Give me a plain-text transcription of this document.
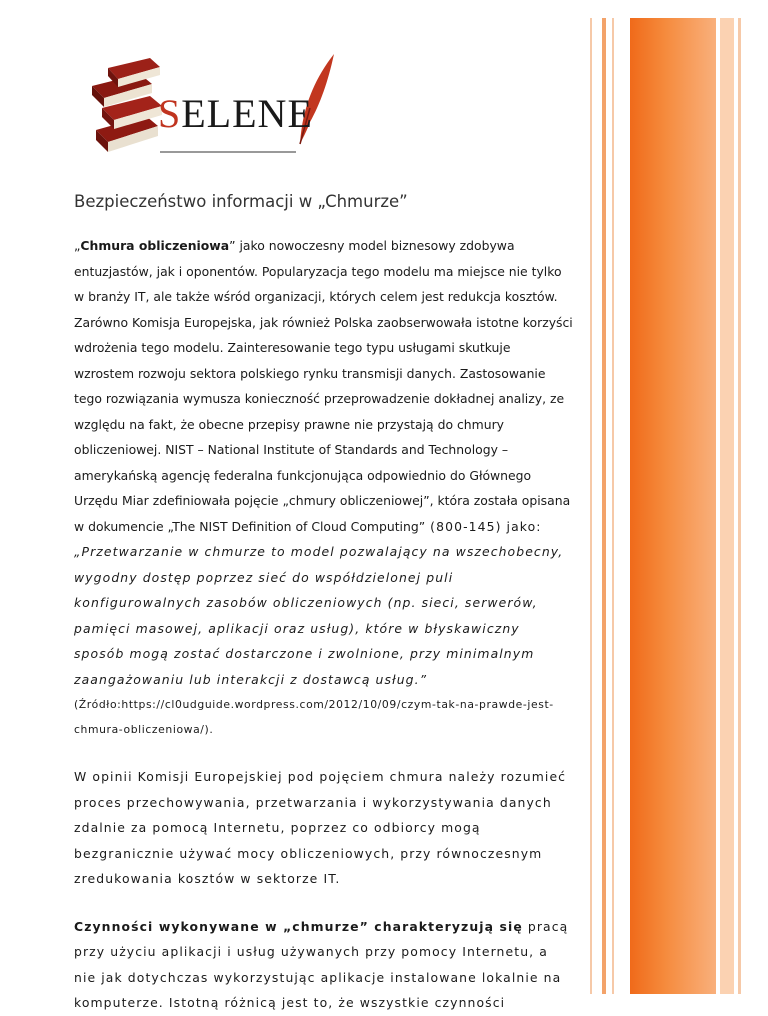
SELENE
Bezpieczeństwo informacji w „Chmurze”

„Chmura obliczeniowa” jako nowoczesny model biznesowy zdobywa entuzjastów, jak i oponentów. Popularyzacja tego modelu ma miejsce nie tylko w branży IT, ale także wśród organizacji, których celem jest redukcja kosztów. Zarówno Komisja Europejska, jak również Polska zaobserwowała istotne korzyści wdrożenia tego modelu. Zainteresowanie tego typu usługami skutkuje wzrostem rozwoju sektora polskiego rynku transmisji danych. Zastosowanie tego rozwiązania wymusza konieczność przeprowadzenie dokładnej analizy, ze względu na fakt, że obecne przepisy prawne nie przystają do chmury obliczeniowej. NIST – National Institute of Standards and Technology – amerykańską agencję federalna funkcjonująca odpowiednio do Głównego Urzędu Miar zdefiniowała pojęcie „chmury obliczeniowej”, która została opisana w dokumencie „The NIST Definition of Cloud Computing” (800-145) jako:

„Przetwarzanie w chmurze to model pozwalający na wszechobecny, wygodny dostęp poprzez sieć do współdzielonej puli konfigurowalnych zasobów obliczeniowych (np. sieci, serwerów, pamięci masowej, aplikacji oraz usług), które w błyskawiczny sposób mogą zostać dostarczone i zwolnione, przy minimalnym zaangażowaniu lub interakcji z dostawcą usług.”

(Źródło:https://cl0udguide.wordpress.com/2012/10/09/czym-tak-na-prawde-jest-chmura-obliczeniowa/).

W opinii Komisji Europejskiej pod pojęciem chmura należy rozumieć proces przechowywania, przetwarzania i wykorzystywania danych zdalnie za pomocą Internetu, poprzez co odbiorcy mogą bezgranicznie używać mocy obliczeniowych, przy równoczesnym zredukowania kosztów w sektorze IT.

Czynności wykonywane w „chmurze” charakteryzują się pracą przy użyciu aplikacji i usług używanych przy pomocy Internetu, a nie jak dotychczas wykorzystując aplikacje instalowane lokalnie na komputerze. Istotną różnicą jest to, że wszystkie czynności
